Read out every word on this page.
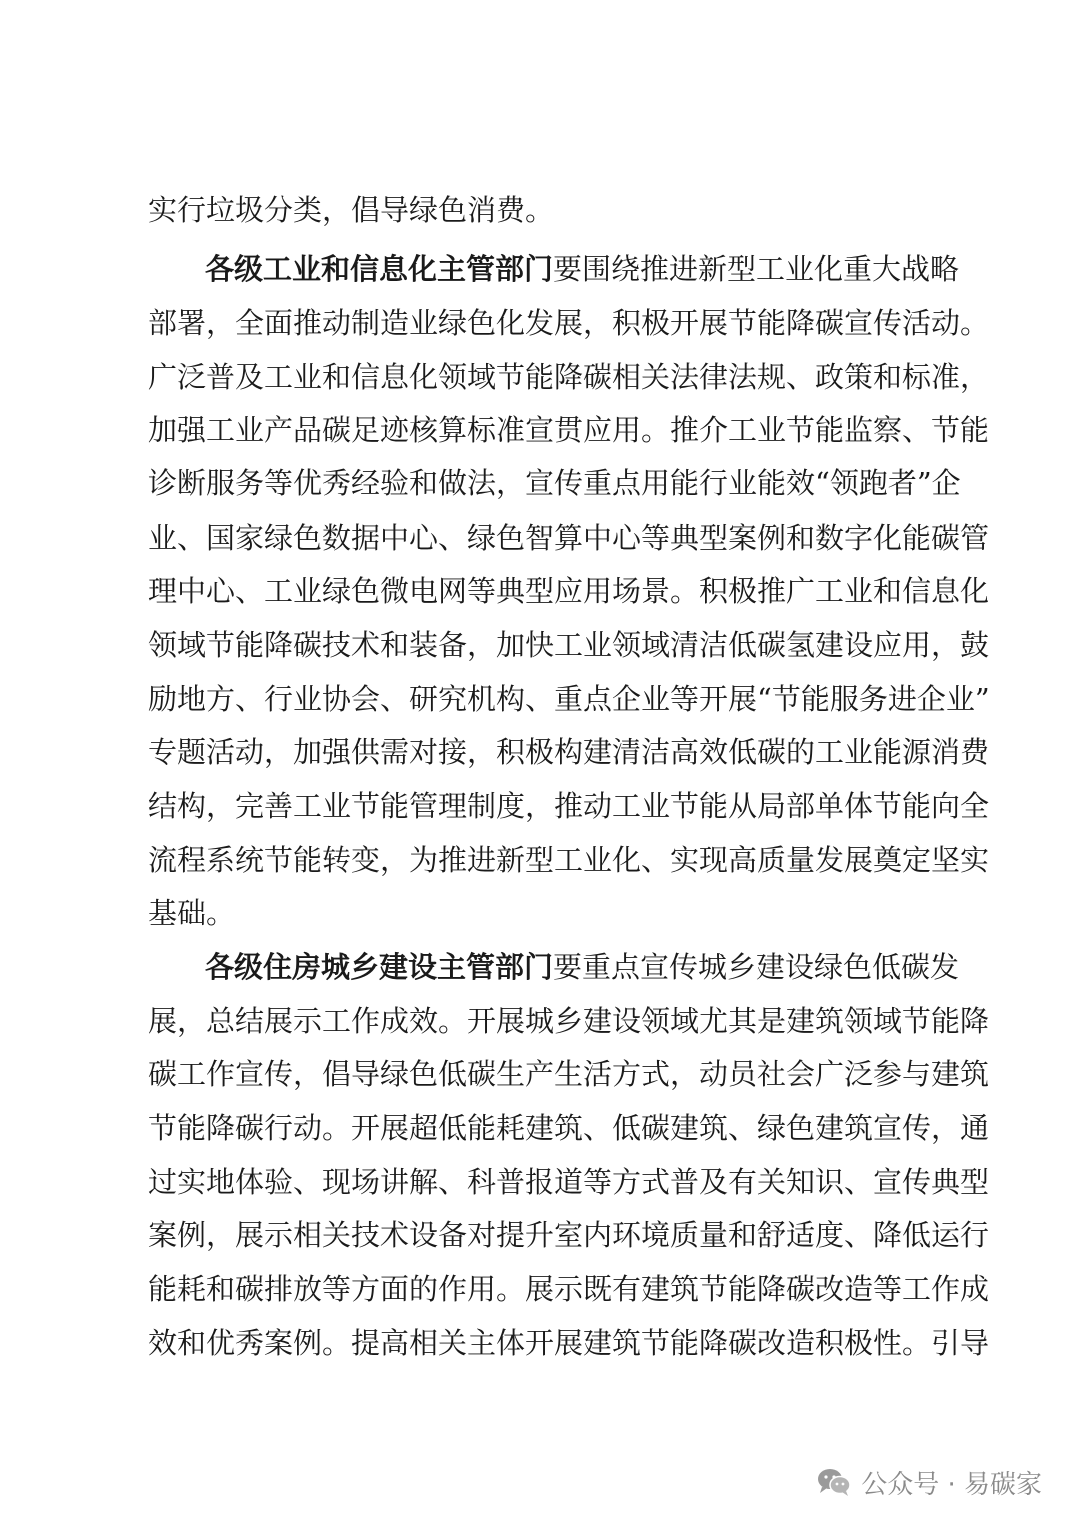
实行垃圾分类，倡导绿色消费。
各级工业和信息化主管部门要围绕推进新型工业化重大战略
部署，全面推动制造业绿色化发展，积极开展节能降碳宣传活动。
广泛普及工业和信息化领域节能降碳相关法律法规、政策和标准，
加强工业产品碳足迹核算标准宣贯应用。推介工业节能监察、节能
诊断服务等优秀经验和做法，宣传重点用能行业能效“领跑者”企
业、国家绿色数据中心、绿色智算中心等典型案例和数字化能碳管
理中心、工业绿色微电网等典型应用场景。积极推广工业和信息化
领域节能降碳技术和装备，加快工业领域清洁低碳氢建设应用，鼓
励地方、行业协会、研究机构、重点企业等开展“节能服务进企业”
专题活动，加强供需对接，积极构建清洁高效低碳的工业能源消费
结构，完善工业节能管理制度，推动工业节能从局部单体节能向全
流程系统节能转变，为推进新型工业化、实现高质量发展奠定坚实
基础。
各级住房城乡建设主管部门要重点宣传城乡建设绿色低碳发
展，总结展示工作成效。开展城乡建设领域尤其是建筑领域节能降
碳工作宣传，倡导绿色低碳生产生活方式，动员社会广泛参与建筑
节能降碳行动。开展超低能耗建筑、低碳建筑、绿色建筑宣传，通
过实地体验、现场讲解、科普报道等方式普及有关知识、宣传典型
案例，展示相关技术设备对提升室内环境质量和舒适度、降低运行
能耗和碳排放等方面的作用。展示既有建筑节能降碳改造等工作成
效和优秀案例。提高相关主体开展建筑节能降碳改造积极性。引导
公众号 · 易碳家
